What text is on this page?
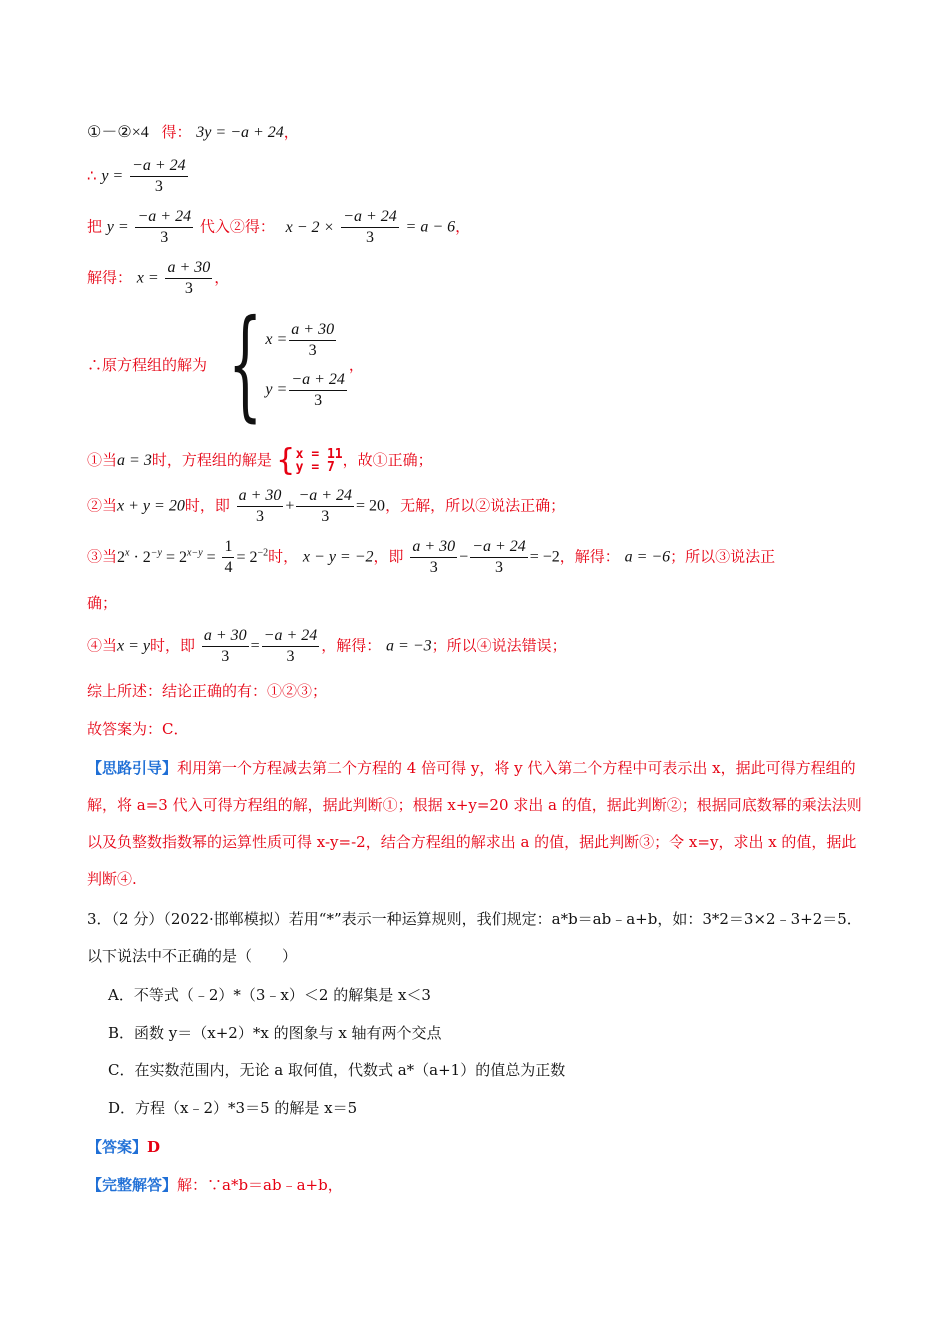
①－②×4 得： 3y = −a + 24，
∴ $y = \frac{-a + 24}{3}$
把 $y = \frac{-a + 24}{3}$ 代入②得： $x - 2 \times \frac{-a + 24}{3} = a - 6$，
解得： $x = \frac{a + 30}{3}$ ，
∴原方程组的解为 { $x = \frac{a + 30}{3}$
$y = \frac{-a + 24}{3}$
，
①当a = 3时，方程组的解是 { x = 11
y = 7 ，故①正确；
②当x + y = 20时，即 $\frac{a + 30}{3} + \frac{-a + 24}{3} = 20$，无解，所以②说法正确；
③当$2^x \cdot 2^{-y} = 2^{x-y} = \frac{1}{4} = 2^{-2}$时， x − y = −2，即 $\frac{a + 30}{3} - \frac{-a + 24}{3} = -2$，解得： a = −6；所以③说法正
确；
④当x = y时，即 $\frac{a + 30}{3} = \frac{-a + 24}{3}$ ，解得： a = −3；所以④说法错误；
综上所述：结论正确的有：①②③；
故答案为：C．
【思路引导】利用第一个方程减去第二个方程的 4 倍可得 y，将 y 代入第二个方程中可表示出 x，据此可得方程组的解，将 a=3 代入可得方程组的解，据此判断①；根据 x+y=20 求出 a 的值，据此判断②；根据同底数幂的乘法法则以及负整数指数幂的运算性质可得 x-y=-2，结合方程组的解求出 a 的值，据此判断③；令 x=y，求出 x 的值，据此判断④.
3．（2 分）（2022·邯郸模拟）若用“*”表示一种运算规则，我们规定：a*b＝ab﹣a+b，如：3*2＝3×2﹣3+2＝5．以下说法中不正确的是（　　）
A．不等式（﹣2）*（3﹣x）＜2 的解集是 x＜3
B．函数 y＝（x+2）*x 的图象与 x 轴有两个交点
C．在实数范围内，无论 a 取何值，代数式 a*（a+1）的值总为正数
D．方程（x﹣2）*3＝5 的解是 x＝5
【答案】D
【完整解答】解：∵a*b＝ab﹣a+b，
